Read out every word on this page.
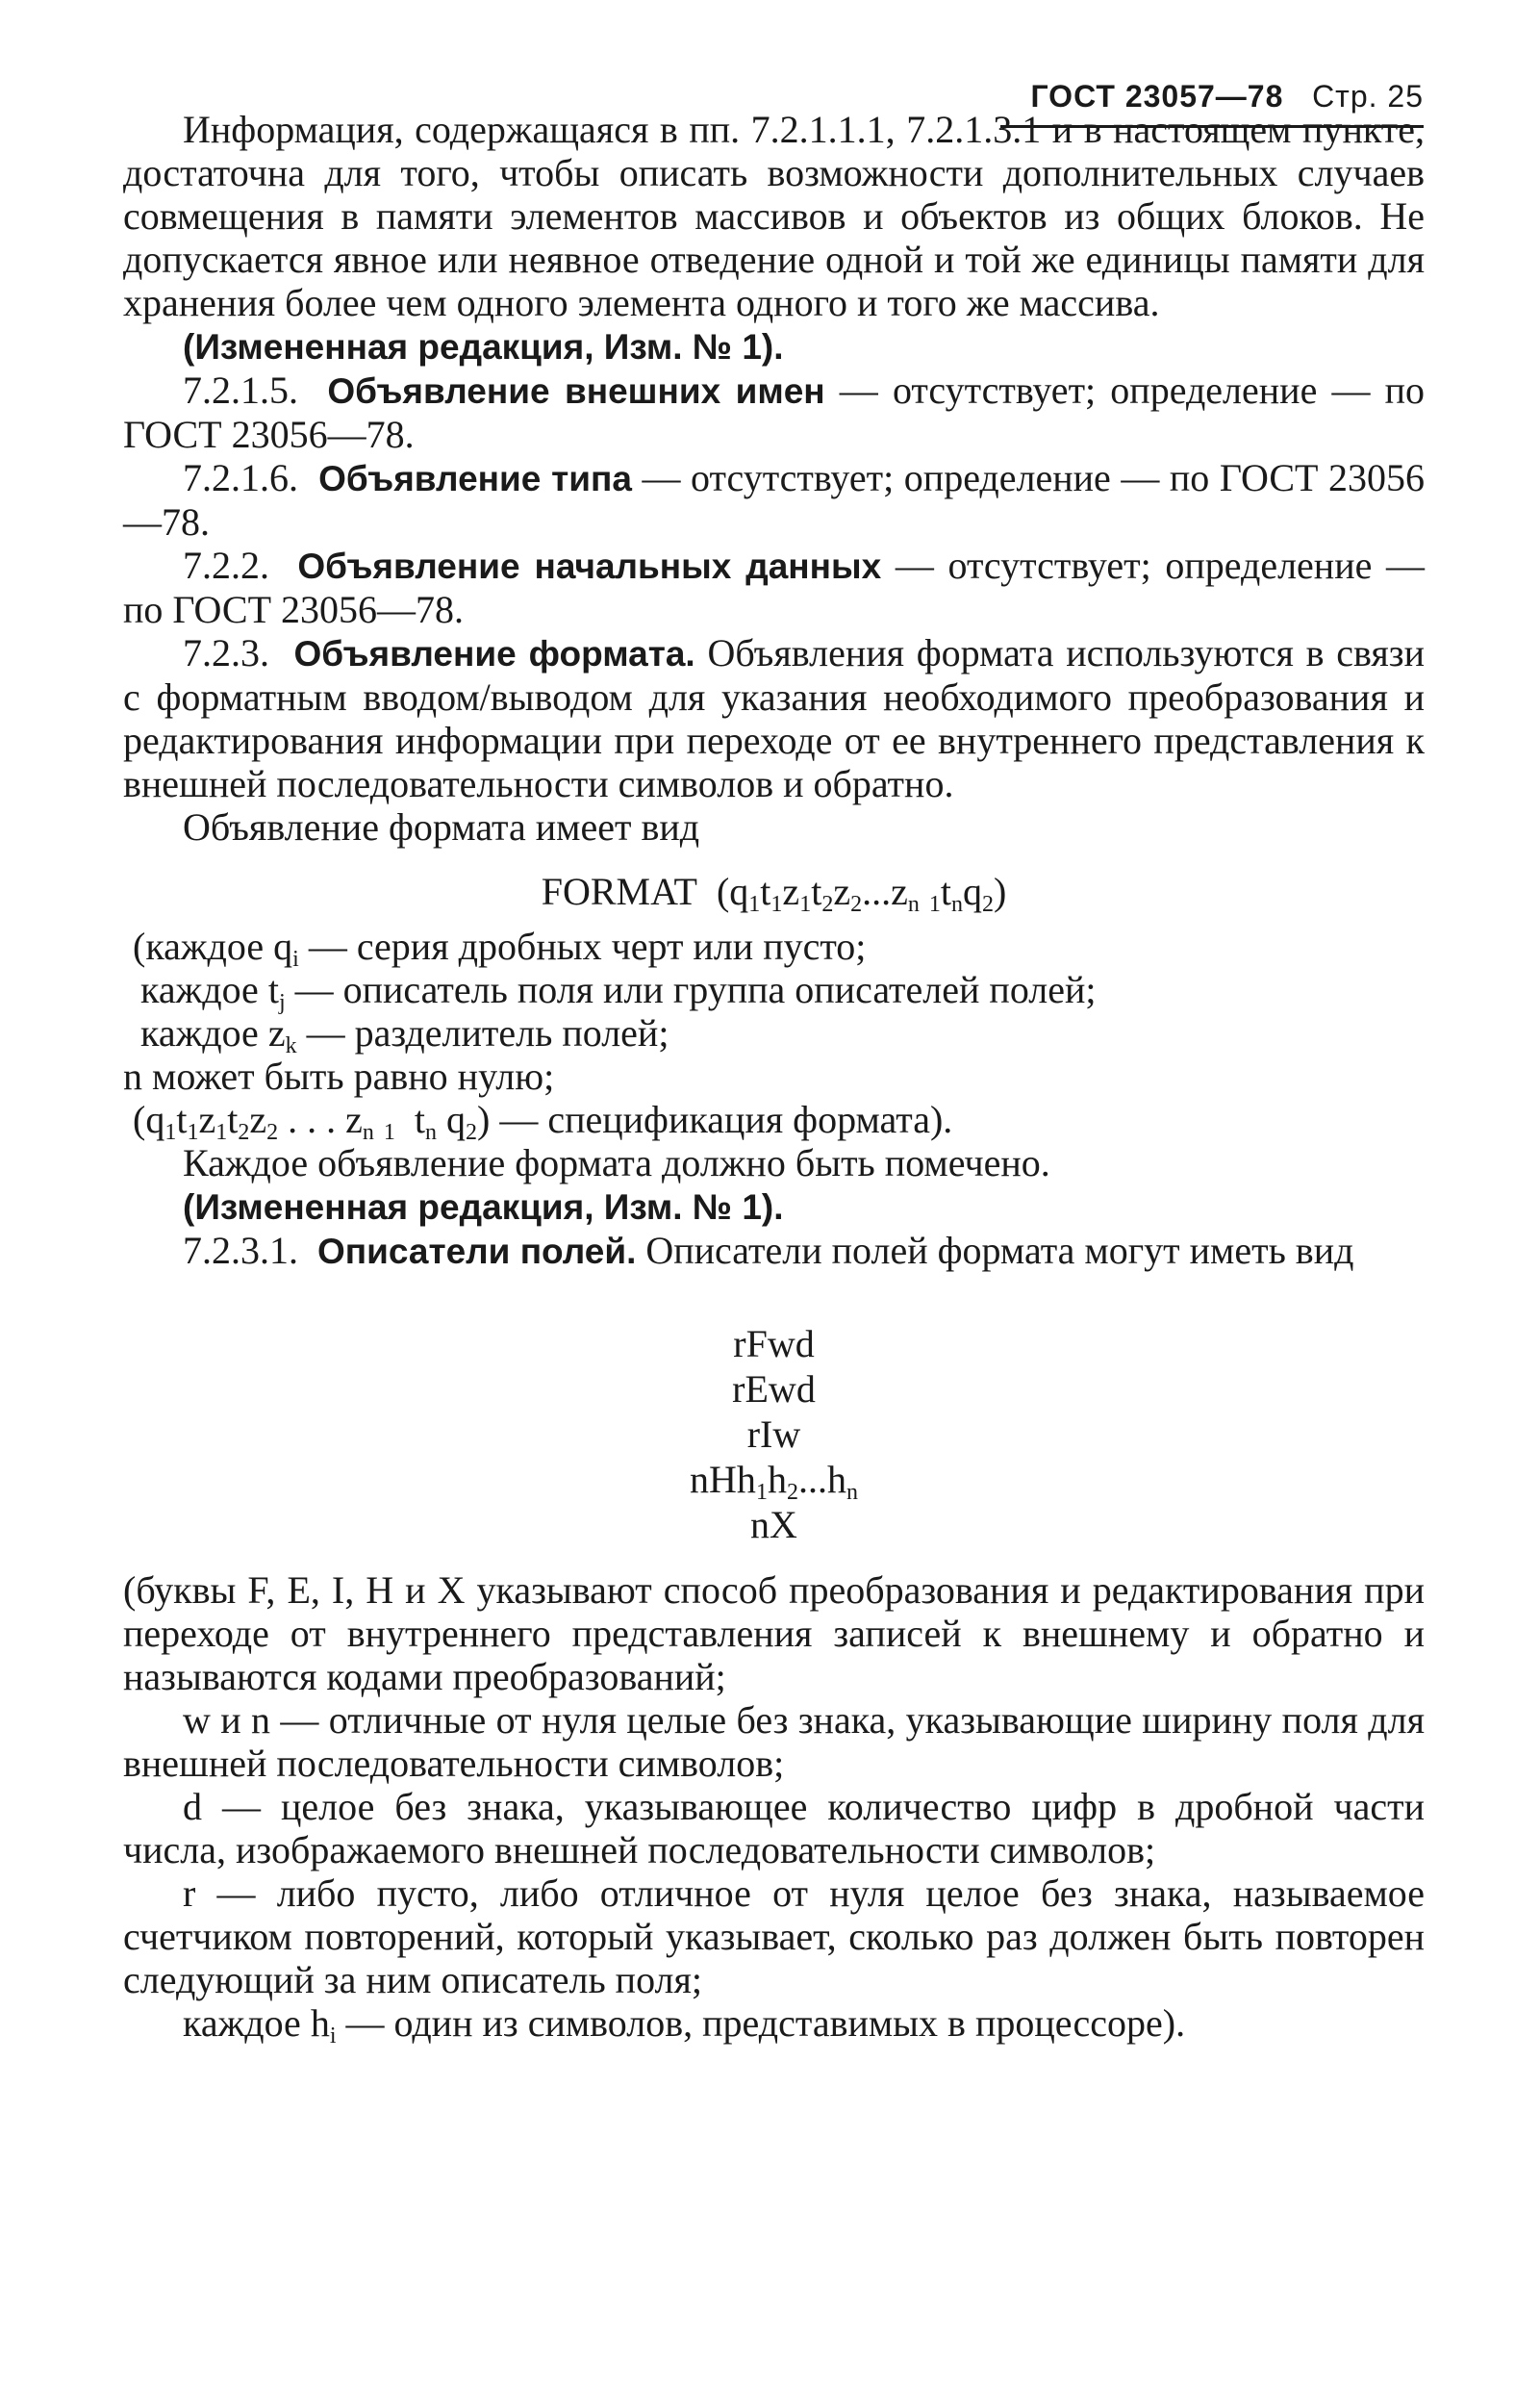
ГОСТ 23057—78 Стр. 25

Информация, содержащаяся в пп. 7.2.1.1.1, 7.2.1.3.1 и в настоящем пункте, достаточна для того, чтобы описать возможности дополнительных случаев совмещения в памяти элементов массивов и объектов из общих блоков. Не допускается явное или неявное отведение одной и той же единицы памяти для хранения более чем одного элемента одного и того же массива.

(Измененная редакция, Изм. № 1).

7.2.1.5. Объявление внешних имен — отсутствует; определение — по ГОСТ 23056—78.

7.2.1.6. Объявление типа — отсутствует; определение — по ГОСТ 23056—78.

7.2.2. Объявление начальных данных — отсутствует; определение — по ГОСТ 23056—78.

7.2.3. Объявление формата. Объявления формата используются в связи с форматным вводом/выводом для указания необходимого преобразования и редактирования информации при переходе от ее внутреннего представления к внешней последовательности символов и обратно.

Объявление формата имеет вид

FORMAT  ($q_1t_1z_1t_2z_2...z_n$ $_1t_nq_2$)
(каждое $q_i$ — серия дробных черт или пусто;
каждое $t_j$ — описатель поля или группа описателей полей;
каждое $z_k$ — разделитель полей;
n может быть равно нулю;
($q_1t_1z_1t_2z_2$ . . . $z_n$ $_1$  $t_n$ $q_2$) — спецификация формата).

Каждое объявление формата должно быть помечено.

(Измененная редакция, Изм. № 1).

7.2.3.1. Описатели полей. Описатели полей формата могут иметь вид

rFwd
rEwd
rIw
$nHh_1h_2...h_n$
nX

(буквы F, E, I, H и X указывают способ преобразования и редактирования при переходе от внутреннего представления записей к внешнему и обратно и называются кодами преобразований;

w и n — отличные от нуля целые без знака, указывающие ширину поля для внешней последовательности символов;

d — целое без знака, указывающее количество цифр в дробной части числа, изображаемого внешней последовательности символов;

r — либо пусто, либо отличное от нуля целое без знака, называемое счетчиком повторений, который указывает, сколько раз должен быть повторен следующий за ним описатель поля;

каждое $h_i$ — один из символов, представимых в процессоре).
